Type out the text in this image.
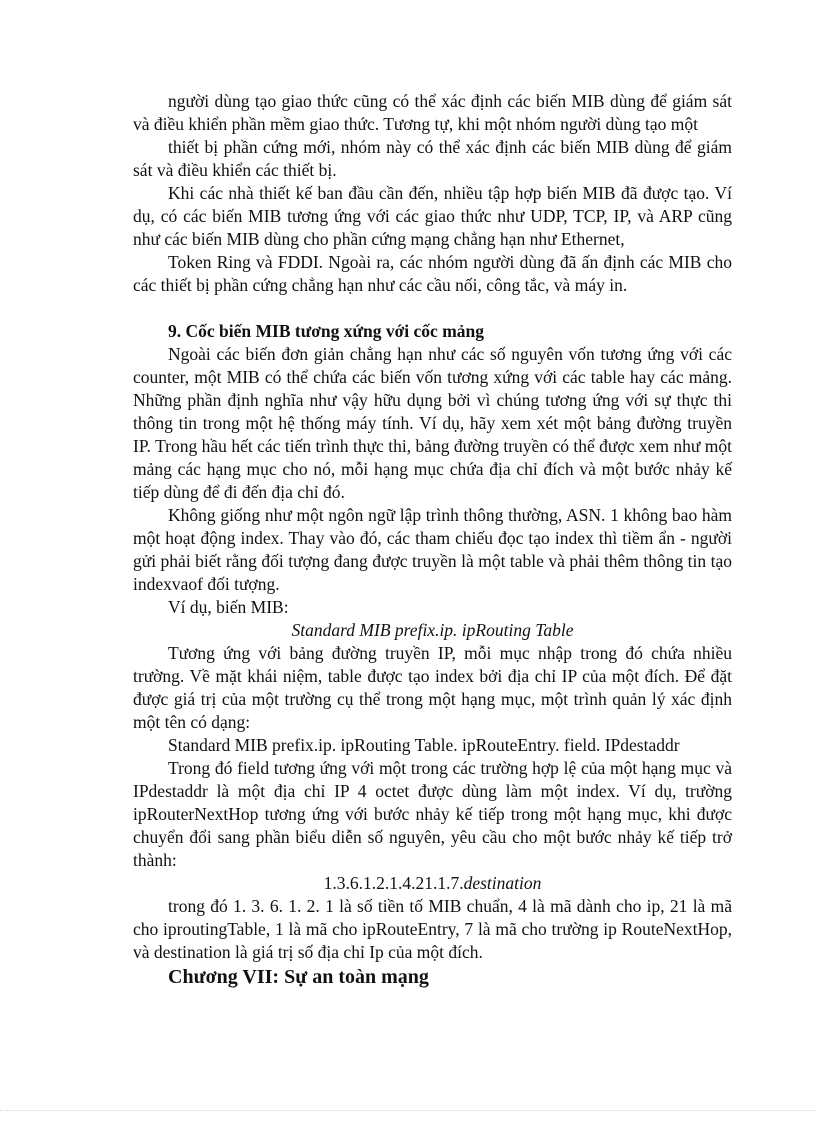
người dùng tạo giao thức cũng có thể xác định các biến MIB dùng để giám sát và điều khiển phần mềm giao thức. Tương tự, khi một nhóm người dùng tạo một

thiết bị phần cứng mới, nhóm này có thể xác định các biến MIB dùng để giám sát và điều khiển các thiết bị.

Khi các nhà thiết kế ban đầu cần đến, nhiều tập hợp biến MIB đã được tạo. Ví dụ, có các biến MIB tương ứng với các giao thức như UDP, TCP, IP, và ARP cũng như các biến MIB dùng cho phần cứng mạng chẳng hạn như Ethernet,

Token Ring và FDDI. Ngoài ra, các nhóm người dùng đã ấn định các MIB cho các thiết bị phần cứng chẳng hạn như các cầu nối, công tắc, và máy in.

9. Cốc biến MIB tương xứng với cốc mảng

Ngoài các biến đơn giản chẳng hạn như các số nguyên vốn tương ứng với các counter, một MIB có thể chứa các biến vốn tương xứng với các table hay các mảng. Những phần định nghĩa như vậy hữu dụng bởi vì chúng tương ứng với sự thực thi thông tin trong một hệ thống máy tính. Ví dụ, hãy xem xét một bảng đường truyền IP. Trong hầu hết các tiến trình thực thi, bảng đường truyền có thể được xem như một mảng các hạng mục cho nó, mỗi hạng mục chứa địa chỉ đích và một bước nhảy kế tiếp dùng để đi đến địa chỉ đó.

Không giống như một ngôn ngữ lập trình thông thường, ASN. 1 không bao hàm một hoạt động index. Thay vào đó, các tham chiếu đọc tạo index thì tiềm ẩn - người gửi phải biết rằng đối tượng đang được truyền là một table và phải thêm thông tin tạo indexvaof đối tượng.

Ví dụ, biến MIB:

Standard MIB prefix.ip. ipRouting Table

Tương ứng với bảng đường truyền IP, mỗi mục nhập trong đó chứa nhiều trường. Về mặt khái niệm, table được tạo index bởi địa chỉ IP của một đích. Để đặt được giá trị của một trường cụ thể trong một hạng mục, một trình quản lý xác định một tên có dạng:

Standard MIB prefix.ip. ipRouting Table. ipRouteEntry. field. IPdestaddr

Trong đó field tương ứng với một trong các trường hợp lệ của một hạng mục và IPdestaddr là một địa chỉ IP 4 octet được dùng làm một index. Ví dụ, trường ipRouterNextHop tương ứng với bước nhảy kế tiếp trong một hạng mục, khi được chuyển đổi sang phần biểu diễn số nguyên, yêu cầu cho một bước nhảy kế tiếp trở thành:

1.3.6.1.2.1.4.21.1.7.destination

trong đó 1. 3. 6. 1. 2. 1 là số tiền tố MIB chuẩn, 4 là mã dành cho ip, 21 là mã cho iproutingTable, 1 là mã cho ipRouteEntry, 7 là mã cho trường ip RouteNextHop, và destination là giá trị số địa chỉ Ip của một đích.

Chương VII: Sự an toàn mạng
